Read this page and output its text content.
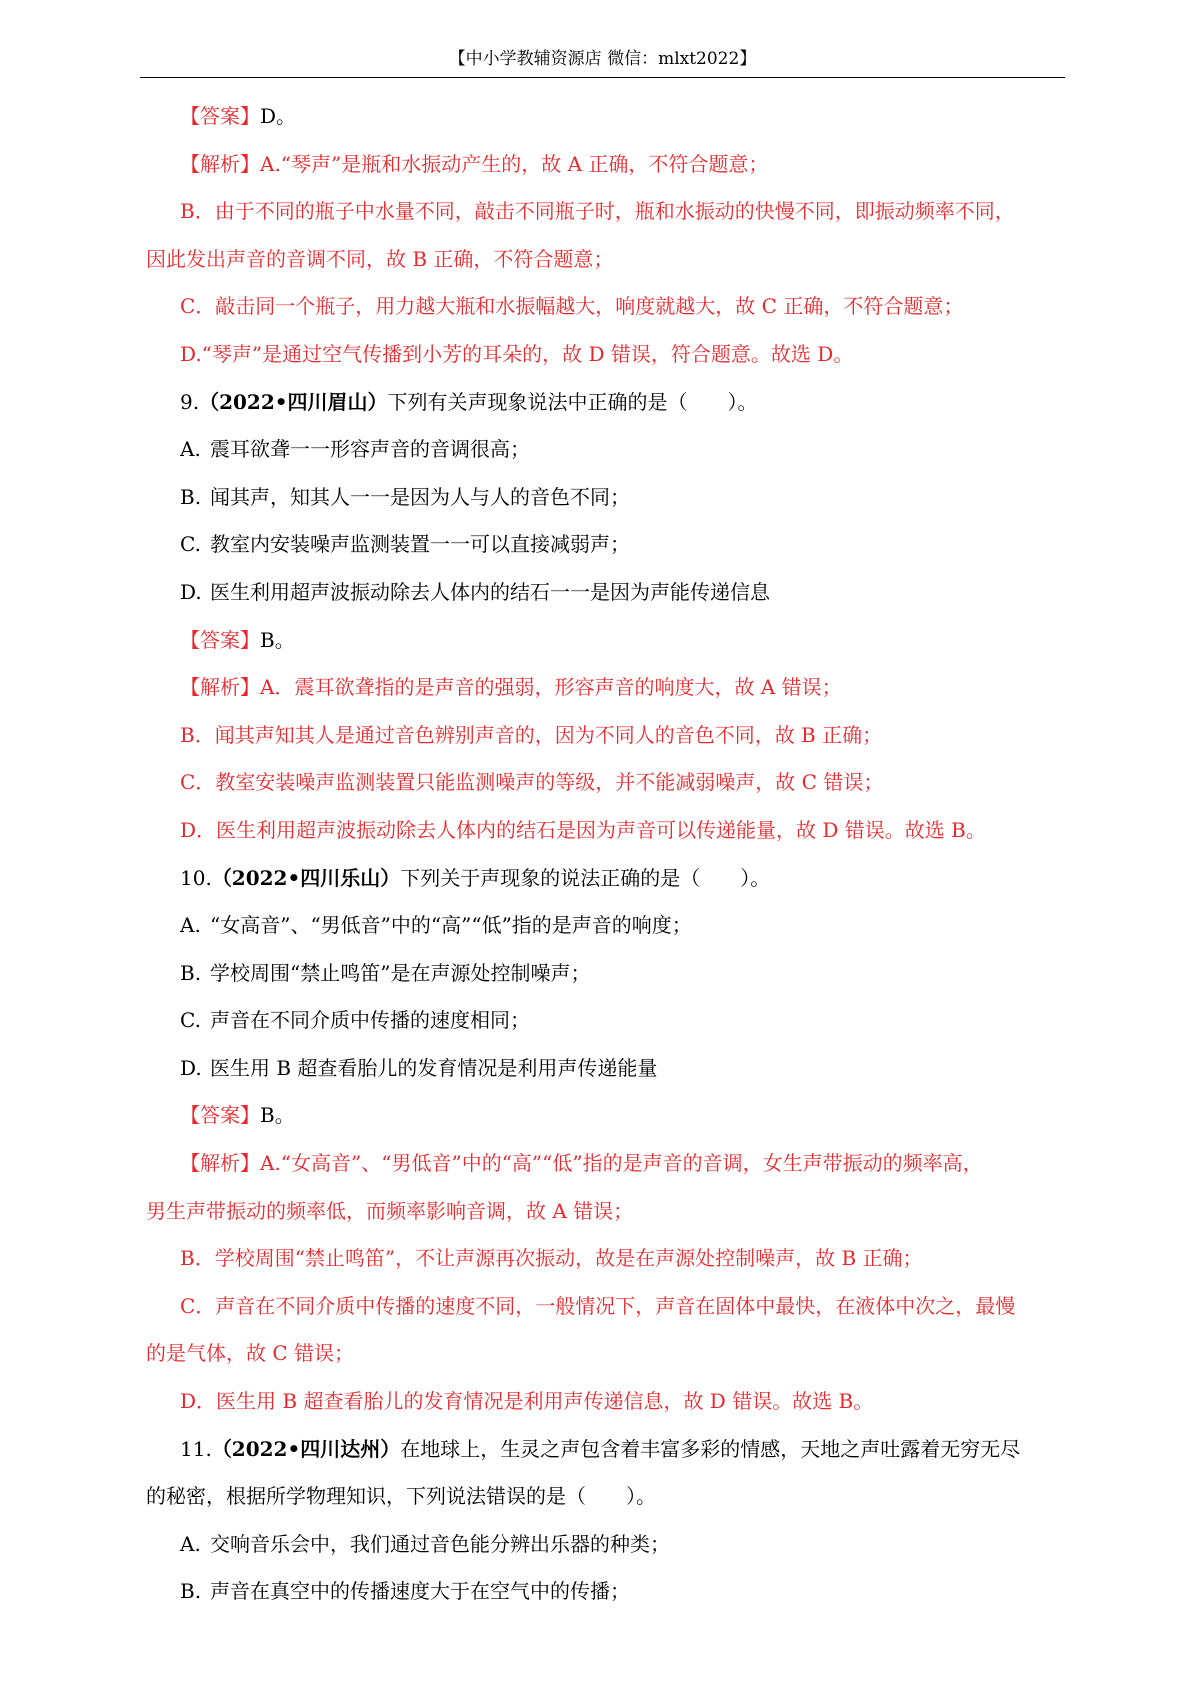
【中小学教辅资源店 微信：mlxt2022】

【答案】D。

【解析】A.“琴声”是瓶和水振动产生的，故 A 正确，不符合题意；

B．由于不同的瓶子中水量不同，敲击不同瓶子时，瓶和水振动的快慢不同，即振动频率不同，

因此发出声音的音调不同，故 B 正确，不符合题意；

C．敲击同一个瓶子，用力越大瓶和水振幅越大，响度就越大，故 C 正确，不符合题意；

D.“琴声”是通过空气传播到小芳的耳朵的，故 D 错误，符合题意。故选 D。

9.（2022•四川眉山）下列有关声现象说法中正确的是（　　）。

A. 震耳欲聋一一形容声音的音调很高；

B. 闻其声，知其人一一是因为人与人的音色不同；

C. 教室内安装噪声监测装置一一可以直接减弱声；

D. 医生利用超声波振动除去人体内的结石一一是因为声能传递信息

【答案】B。

【解析】A．震耳欲聋指的是声音的强弱，形容声音的响度大，故 A 错误；

B．闻其声知其人是通过音色辨别声音的，因为不同人的音色不同，故 B 正确；

C．教室安装噪声监测装置只能监测噪声的等级，并不能减弱噪声，故 C 错误；

D．医生利用超声波振动除去人体内的结石是因为声音可以传递能量，故 D 错误。故选 B。

10.（2022•四川乐山）下列关于声现象的说法正确的是（　　）。

A. “女高音”、“男低音”中的“高”“低”指的是声音的响度；

B. 学校周围“禁止鸣笛”是在声源处控制噪声；

C. 声音在不同介质中传播的速度相同；

D. 医生用 B 超查看胎儿的发育情况是利用声传递能量

【答案】B。

【解析】A.“女高音”、“男低音”中的“高”“低”指的是声音的音调，女生声带振动的频率高，

男生声带振动的频率低，而频率影响音调，故 A 错误；

B．学校周围“禁止鸣笛”，不让声源再次振动，故是在声源处控制噪声，故 B 正确；

C．声音在不同介质中传播的速度不同，一般情况下，声音在固体中最快，在液体中次之，最慢

的是气体，故 C 错误；

D．医生用 B 超查看胎儿的发育情况是利用声传递信息，故 D 错误。故选 B。

11.（2022•四川达州）在地球上，生灵之声包含着丰富多彩的情感，天地之声吐露着无穷无尽

的秘密，根据所学物理知识，下列说法错误的是（　　）。

A. 交响音乐会中，我们通过音色能分辨出乐器的种类；

B. 声音在真空中的传播速度大于在空气中的传播；
